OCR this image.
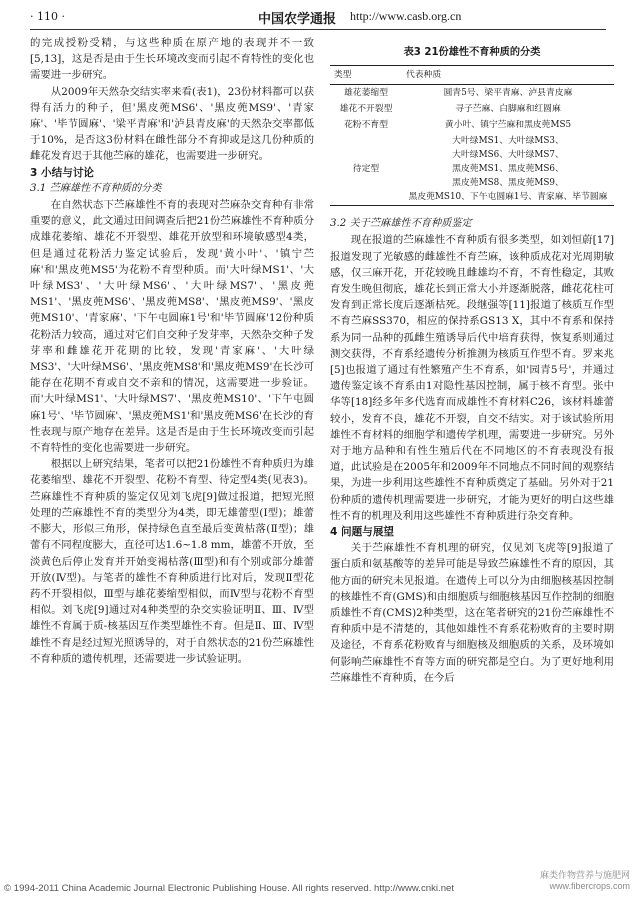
· 110 ·	中国农学通报 http://www.casb.org.cn

的完成授粉受精，与这些种质在原产地的表现并不一致[5,13]，这是否是由于生长环境改变而引起不育特性的变化也需要进一步研究。

从2009年天然杂交结实率来看(表1)，23份材料都可以获得有活力的种子，但'黑皮蔸MS6'、'黑皮蔸MS9'、'青家麻'、'毕节圆麻'、'梁平青麻'和'泸县青皮麻'的天然杂交率都低于10%，是否这3份材料在雌性部分不育抑或是这几份种质的雌花发育迟于其他苎麻的雄花，也需要进一步研究。

3 小结与讨论
3.1 苎麻雄性不育种质的分类

在自然状态下苎麻雄性不育的表现对苎麻杂交育种有非常重要的意义，此文通过田间调查后把21份苎麻雄性不育种质分成雄花萎缩、雄花不开裂型、雄花开放型和环境敏感型4类，但是通过花粉活力鉴定试验后，发现'黄小叶'、'镇宁苎麻'和'黑皮蔸MS5'为花粉不育型种质。而'大叶绿MS1'、'大叶绿MS3'、'大叶绿MS6'、'大叶绿MS7'、'黑皮蔸MS1'、'黑皮蔸MS6'、'黑皮蔸MS8'、'黑皮蔸MS9'、'黑皮蔸MS10'、'青家麻'、'下午屯圆麻1号'和'毕节圆麻'12份种质花粉活力较高，通过对它们自交种子发芽率，天然杂交种子发芽率和雌雄花开花期的比较，发现'青家麻'、'大叶绿MS3'、'大叶绿MS6'、'黑皮蔸MS8'和'黑皮蔸MS9'在长沙可能存在花期不育或自交不亲和的情况，这需要进一步验证。而'大叶绿MS1'、'大叶绿MS7'、'黑皮蔸MS10'、'下午屯圆麻1号'、'毕节圆麻'、'黑皮蔸MS1'和'黑皮蔸MS6'在长沙的育性表现与原产地存在差异。这是否是由于生长环境改变而引起不育特性的变化也需要进一步研究。

根据以上研究结果，笔者可以把21份雄性不育种质归为雄花萎缩型、雄花不开裂型、花粉不育型、待定型4类(见表3)。苎麻雄性不育种质的鉴定仅见刘飞虎[9]做过报道，把短光照处理的苎麻雄性不育的类型分为4类，即无雄蕾型(Ⅰ型)；雄蕾不膨大，形似三角形，保持绿色直至最后变黄枯落(Ⅱ型)；雄蕾有不同程度膨大，直径可达1.6~1.8 mm，雄蕾不开放，至淡黄色后停止发育并开始变褐枯落(Ⅲ型)和有个别或部分雄蕾开放(Ⅳ型)。与笔者的雄性不育种质进行比对后，发现Ⅱ型花药不开裂相似，Ⅲ型与雄花萎缩型相似，而Ⅳ型与花粉不育型相似。刘飞虎[9]通过对4种类型的杂交实验证明Ⅱ、Ⅲ、Ⅳ型雄性不育属于质-核基因互作类型雄性不育。但是Ⅱ、Ⅲ、Ⅳ型雄性不育是经过短光照诱导的，对于自然状态的21份苎麻雄性不育种质的遗传机理，还需要进一步试验证明。

表3 21份雄性不育种质的分类
类型	代表种质
雄花萎缩型	圆青5号、梁平青麻、泸县青皮麻
雄花不开裂型	寻子苎麻、白脚麻和红圆麻
花粉不育型	黄小叶、镇宁苎麻和黑皮蔸MS5
待定型	大叶绿MS1、大叶绿MS3、
大叶绿MS6、大叶绿MS7、
黑皮蔸MS1、黑皮蔸MS6、
黑皮蔸MS8、黑皮蔸MS9、
黑皮蔸MS10、下午屯圆麻1号、青家麻、毕节圆麻
3.2 关于苎麻雄性不育种质鉴定

现在报道的苎麻雄性不育种质有很多类型，如刘恒蔚[17]报道发现了光敏感的雌雄性不育苎麻，该种质成花对光周期敏感，仅三麻开花，开花较晚且雌雄均不育，不育性稳定，其败育发生晚但彻底，雄花长到正常大小并逐渐脱落，雌花花柱可发育到正常长度后逐渐枯死。段继强等[11]报道了核质互作型不育苎麻SS370，相应的保持系GS13 X，其中不育系和保持系为同一品种的孤雌生殖诱导后代中培育获得，恢复系则通过测交获得，不育系经遗传分析推测为核质互作型不育。罗来兆[5]也报道了通过有性繁殖产生不育系，如'园青5号'，并通过遗传鉴定该不育系由1对隐性基因控制，属于核不育型。张中华等[18]经多年多代选育而成雄性不育材料C26，该材料雄蕾较小，发育不良，雄花不开裂，自交不结实。对于该试验所用雄性不育材料的细胞学和遗传学机理，需要进一步研究。另外对于地方品种和有性生殖后代在不同地区的不育表现没有报道，此试验是在2005年和2009年不同地点不同时间的观察结果，为进一步利用这些雄性不育种质奠定了基础。另外对于21份种质的遗传机理需要进一步研究，才能为更好的明白这些雄性不育的机理及利用这些雄性不育种质进行杂交育种。

4 问题与展望

关于苎麻雄性不育机理的研究，仅见刘飞虎等[9]报道了蛋白质和氨基酸等的差异可能是导致苎麻雄性不育的原因，其他方面的研究未见报道。在遗传上可以分为由细胞核基因控制的核雄性不育(GMS)和由细胞质与细胞核基因互作控制的细胞质雄性不育(CMS)2种类型，这在笔者研究的21份苎麻雄性不育种质中是不清楚的，其他如雄性不育系花粉败育的主要时期及途径，不育系花粉败育与细胞核及细胞质的关系，及环境如何影响苎麻雄性不育等方面的研究都是空白。为了更好地利用苎麻雄性不育种质，在今后

© 1994-2011 China Academic Journal Electronic Publishing House. All rights reserved. http://www.cnki.net
麻类作物营养与施肥网
www.fibercrops.com
